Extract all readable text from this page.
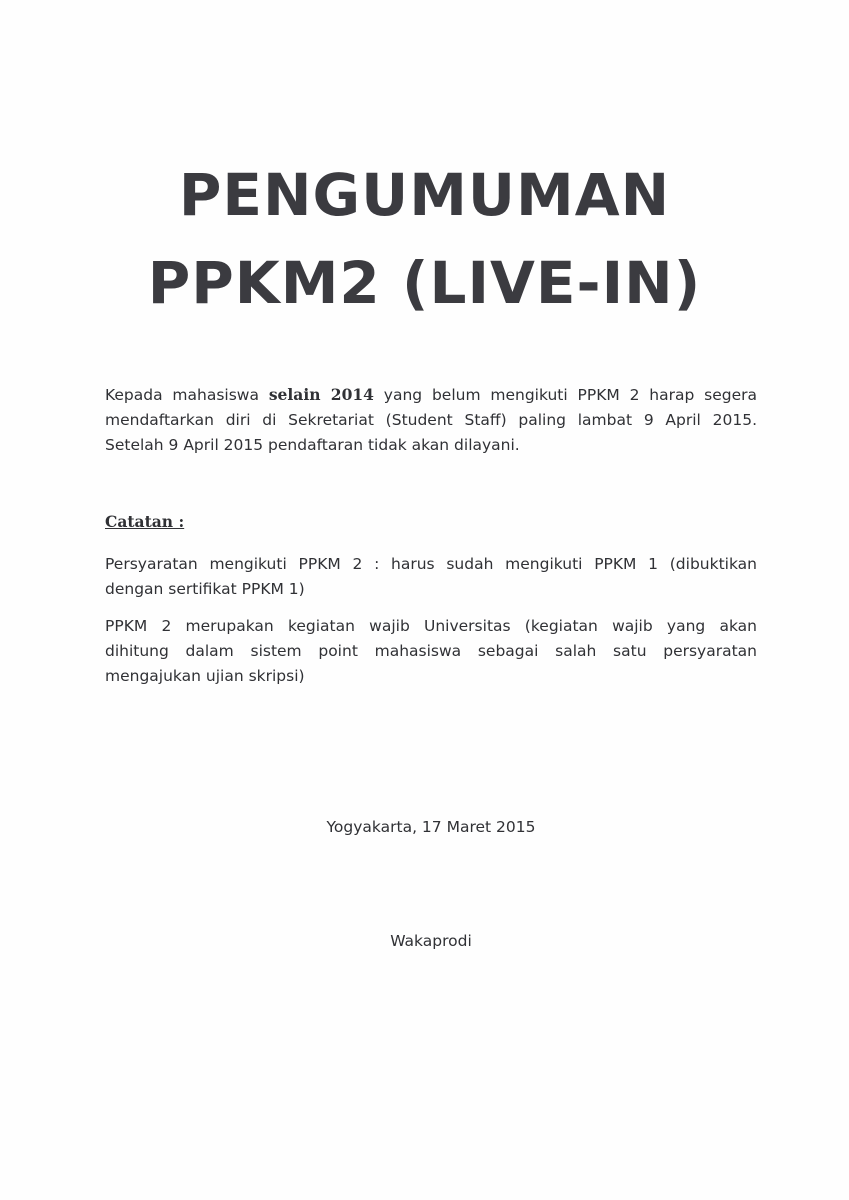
PENGUMUMAN
PPKM2 (LIVE-IN)
Kepada mahasiswa selain 2014 yang belum mengikuti PPKM 2 harap segera
mendaftarkan diri di Sekretariat (Student Staff) paling lambat 9 April 2015.
Setelah 9 April 2015 pendaftaran tidak akan dilayani.
Catatan :
Persyaratan mengikuti PPKM 2 : harus sudah mengikuti PPKM 1 (dibuktikan
dengan sertifikat PPKM 1)
PPKM 2 merupakan kegiatan wajib Universitas (kegiatan wajib yang akan
dihitung dalam sistem point mahasiswa sebagai salah satu persyaratan
mengajukan ujian skripsi)
Yogyakarta, 17 Maret 2015
Wakaprodi
